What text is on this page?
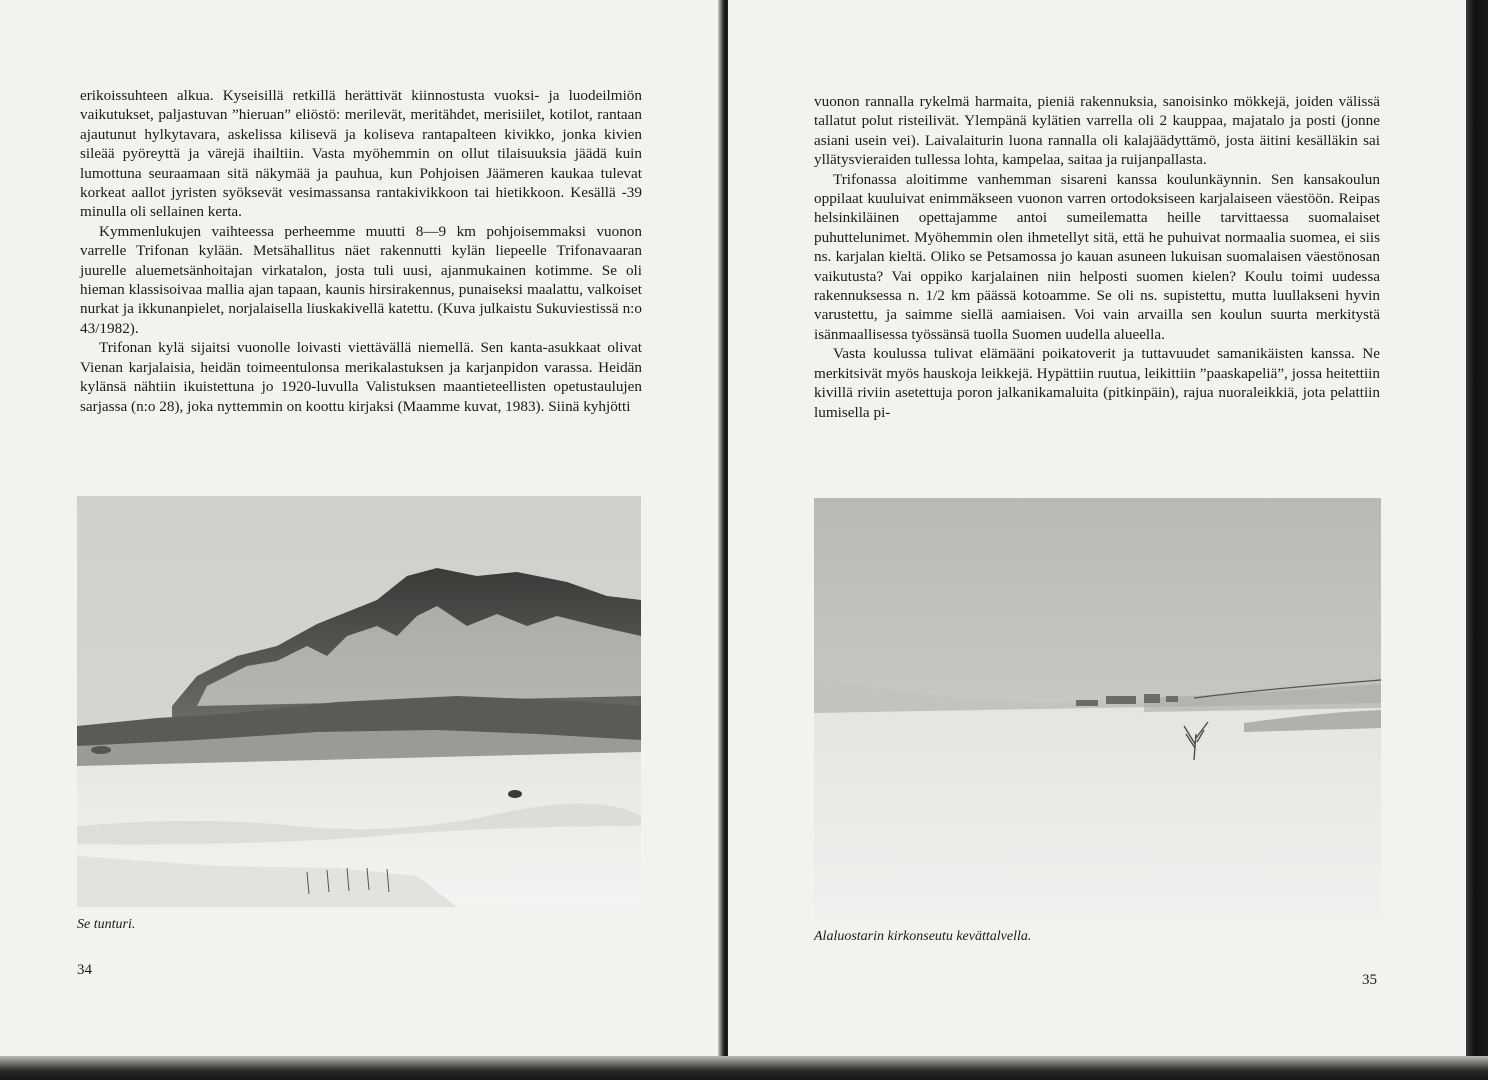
erikoissuhteen alkua. Kyseisillä retkillä herättivät kiinnostusta vuoksi- ja luodeilmiön vaikutukset, paljastuvan ”hieruan” eliöstö: merilevät, meritähdet, merisiilet, kotilot, rantaan ajautunut hylkytavara, askelissa kilisevä ja koliseva rantapalteen kivikko, jonka kivien sileää pyöreyttä ja värejä ihailtiin. Vasta myöhemmin on ollut tilaisuuksia jäädä kuin lumottuna seuraamaan sitä näkymää ja pauhua, kun Pohjoisen Jäämeren kaukaa tulevat korkeat aallot jyristen syöksevät vesimassansa rantakivikkoon tai hietikkoon. Kesällä -39 minulla oli sellainen kerta.

Kymmenlukujen vaihteessa perheemme muutti 8—9 km pohjoisemmaksi vuonon varrelle Trifonan kylään. Metsähallitus näet rakennutti kylän liepeelle Trifonavaaran juurelle aluemetsänhoitajan virkatalon, josta tuli uusi, ajanmukainen kotimme. Se oli hieman klassisoivaa mallia ajan tapaan, kaunis hirsirakennus, punaiseksi maalattu, valkoiset nurkat ja ikkunanpielet, norjalaisella liuskakivellä katettu. (Kuva julkaistu Sukuviestissä n:o 43/1982).

Trifonan kylä sijaitsi vuonolle loivasti viettävällä niemellä. Sen kanta-asukkaat olivat Vienan karjalaisia, heidän toimeentulonsa merikalastuksen ja karjanpidon varassa. Heidän kylänsä nähtiin ikuistettuna jo 1920-luvulla Valistuksen maantieteellisten opetustaulujen sarjassa (n:o 28), joka nyttemmin on koottu kirjaksi (Maamme kuvat, 1983). Siinä kyhjötti

Se tunturi.
34

vuonon rannalla rykelmä harmaita, pieniä rakennuksia, sanoisinko mökkejä, joiden välissä tallatut polut risteilivät. Ylempänä kylätien varrella oli 2 kauppaa, majatalo ja posti (jonne asiani usein vei). Laivalaiturin luona rannalla oli kalajäädyttämö, josta äitini kesälläkin sai yllätysvieraiden tullessa lohta, kampelaa, saitaa ja ruijanpallasta.

Trifonassa aloitimme vanhemman sisareni kanssa koulunkäynnin. Sen kansakoulun oppilaat kuuluivat enimmäkseen vuonon varren ortodoksiseen karjalaiseen väestöön. Reipas helsinkiläinen opettajamme antoi sumeilematta heille tarvittaessa suomalaiset puhuttelunimet. Myöhemmin olen ihmetellyt sitä, että he puhuivat normaalia suomea, ei siis ns. karjalan kieltä. Oliko se Petsamossa jo kauan asuneen lukuisan suomalaisen väestönosan vaikutusta? Vai oppiko karjalainen niin helposti suomen kielen? Koulu toimi uudessa rakennuksessa n. 1/2 km päässä kotoamme. Se oli ns. supistettu, mutta luullakseni hyvin varustettu, ja saimme siellä aamiaisen. Voi vain arvailla sen koulun suurta merkitystä isänmaallisessa työssänsä tuolla Suomen uudella alueella.

Vasta koulussa tulivat elämääni poikatoverit ja tuttavuudet samanikäisten kanssa. Ne merkitsivät myös hauskoja leikkejä. Hypättiin ruutua, leikittiin ”paaskapeliä”, jossa heitettiin kivillä riviin asetettuja poron jalkanikamaluita (pitkinpäin), rajua nuoraleikkiä, jota pelattiin lumisella pi-

Alaluostarin kirkonseutu kevättalvella.
35
